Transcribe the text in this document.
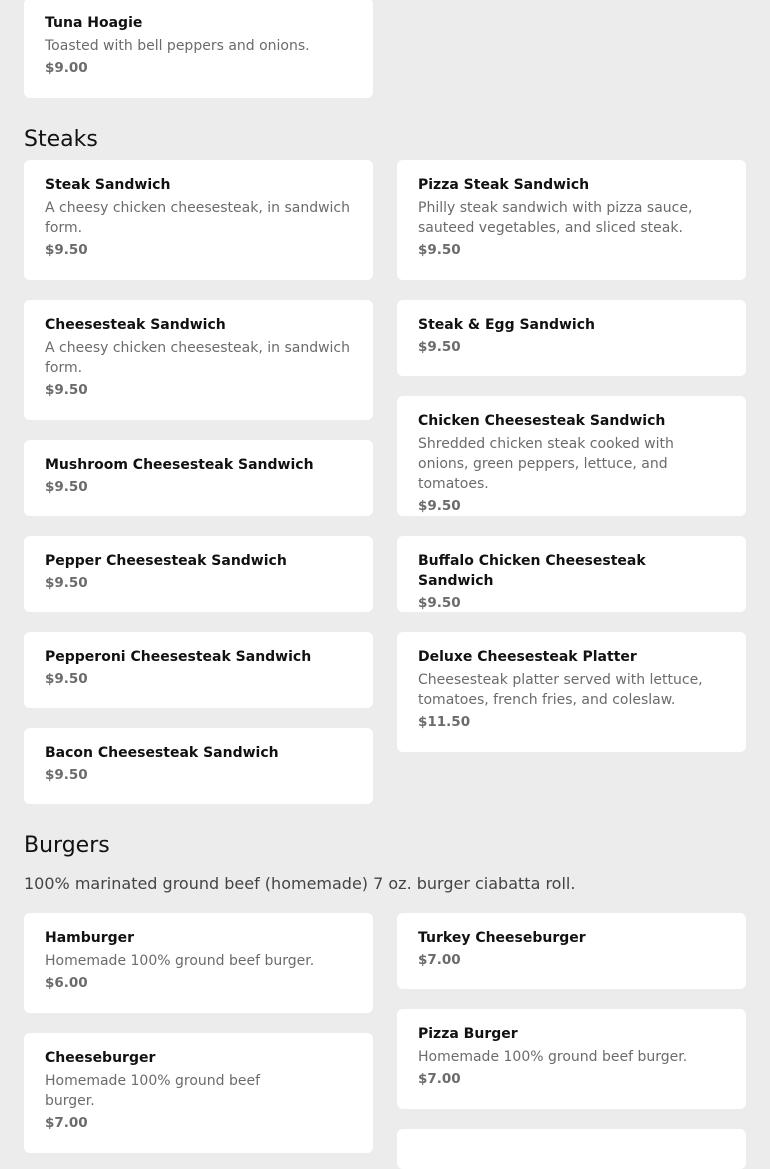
Tuna Hoagie

Toasted with bell peppers and onions.

$9.00

Steaks

Steak Sandwich

A cheesy chicken cheesesteak, in sandwich form.

$9.50

Pizza Steak Sandwich

Philly steak sandwich with pizza sauce, sauteed vegetables, and sliced steak.

$9.50

Cheesesteak Sandwich

A cheesy chicken cheesesteak, in sandwich form.

$9.50

Steak & Egg Sandwich

$9.50

Chicken Cheesesteak Sandwich

Shredded chicken steak cooked with onions, green peppers, lettuce, and tomatoes.

$9.50

Mushroom Cheesesteak Sandwich

$9.50

Pepper Cheesesteak Sandwich

$9.50

Buffalo Chicken Cheesesteak Sandwich

$9.50

Pepperoni Cheesesteak Sandwich

$9.50

Deluxe Cheesesteak Platter

Cheesesteak platter served with lettuce, tomatoes, french fries, and coleslaw.

$11.50

Bacon Cheesesteak Sandwich

$9.50

Burgers

100% marinated ground beef (homemade) 7 oz. burger ciabatta roll.

Hamburger

Homemade 100% ground beef burger.

$6.00

Turkey Cheeseburger

$7.00

Pizza Burger

Homemade 100% ground beef burger.

$7.00

Cheeseburger

Homemade 100% ground beef burger.

$7.00
